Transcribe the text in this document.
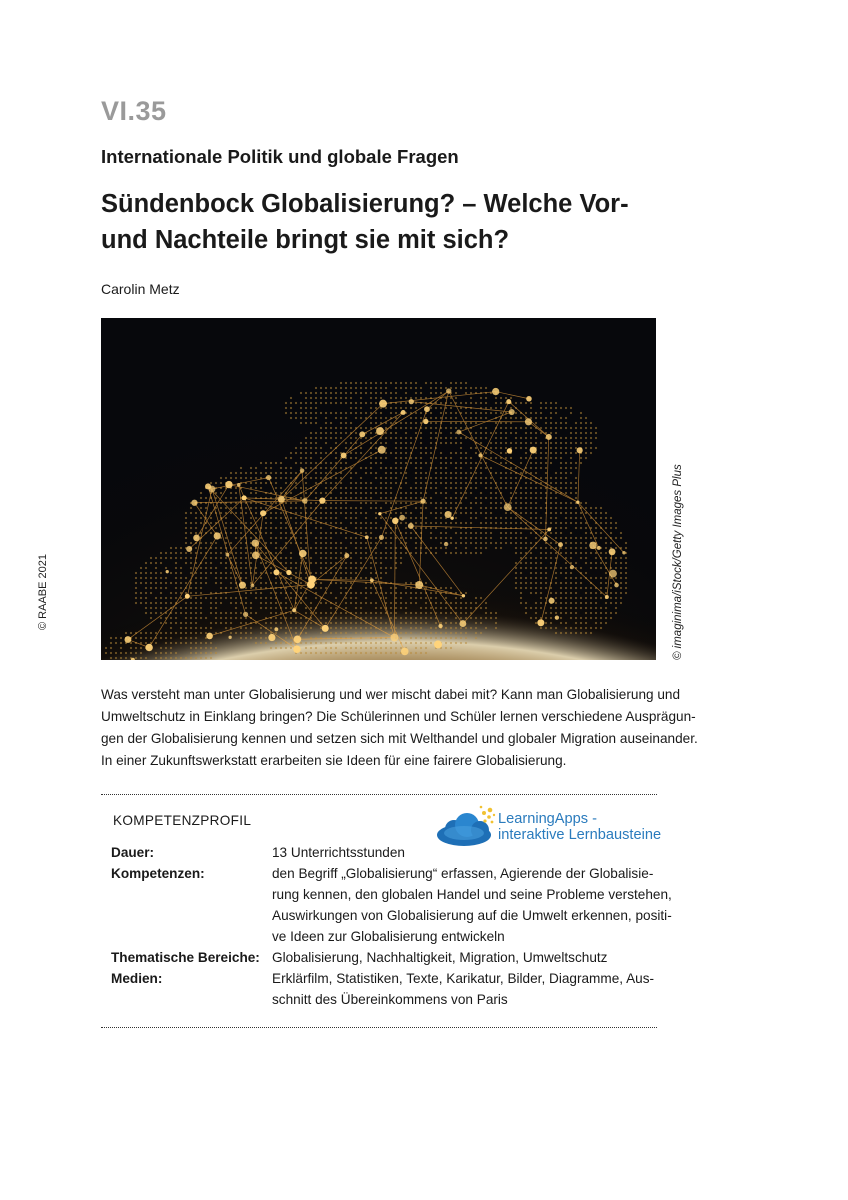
VI.35
Internationale Politik und globale Fragen
Sündenbock Globalisierung? – Welche Vor-
und Nachteile bringt sie mit sich?
Carolin Metz
© imaginima/iStock/Getty Images Plus
© RAABE 2021
Was versteht man unter Globalisierung und wer mischt dabei mit? Kann man Globalisierung und
Umweltschutz in Einklang bringen? Die Schülerinnen und Schüler lernen verschiedene Ausprägun-
gen der Globalisierung kennen und setzen sich mit Welthandel und globaler Migration auseinander.
In einer Zukunftswerkstatt erarbeiten sie Ideen für eine fairere Globalisierung.
KOMPETENZPROFIL	LearningApps -
interaktive Lernbausteine
Dauer:	13 Unterrichtsstunden
Kompetenzen:	den Begriff „Globalisierung“ erfassen, Agierende der Globalisie-
rung kennen, den globalen Handel und seine Probleme verstehen,
Auswirkungen von Globalisierung auf die Umwelt erkennen, positi-
ve Ideen zur Globalisierung entwickeln
Thematische Bereiche: Globalisierung, Nachhaltigkeit, Migration, Umweltschutz
Medien:	Erklärfilm, Statistiken, Texte, Karikatur, Bilder, Diagramme, Aus-
schnitt des Übereinkommens von Paris
